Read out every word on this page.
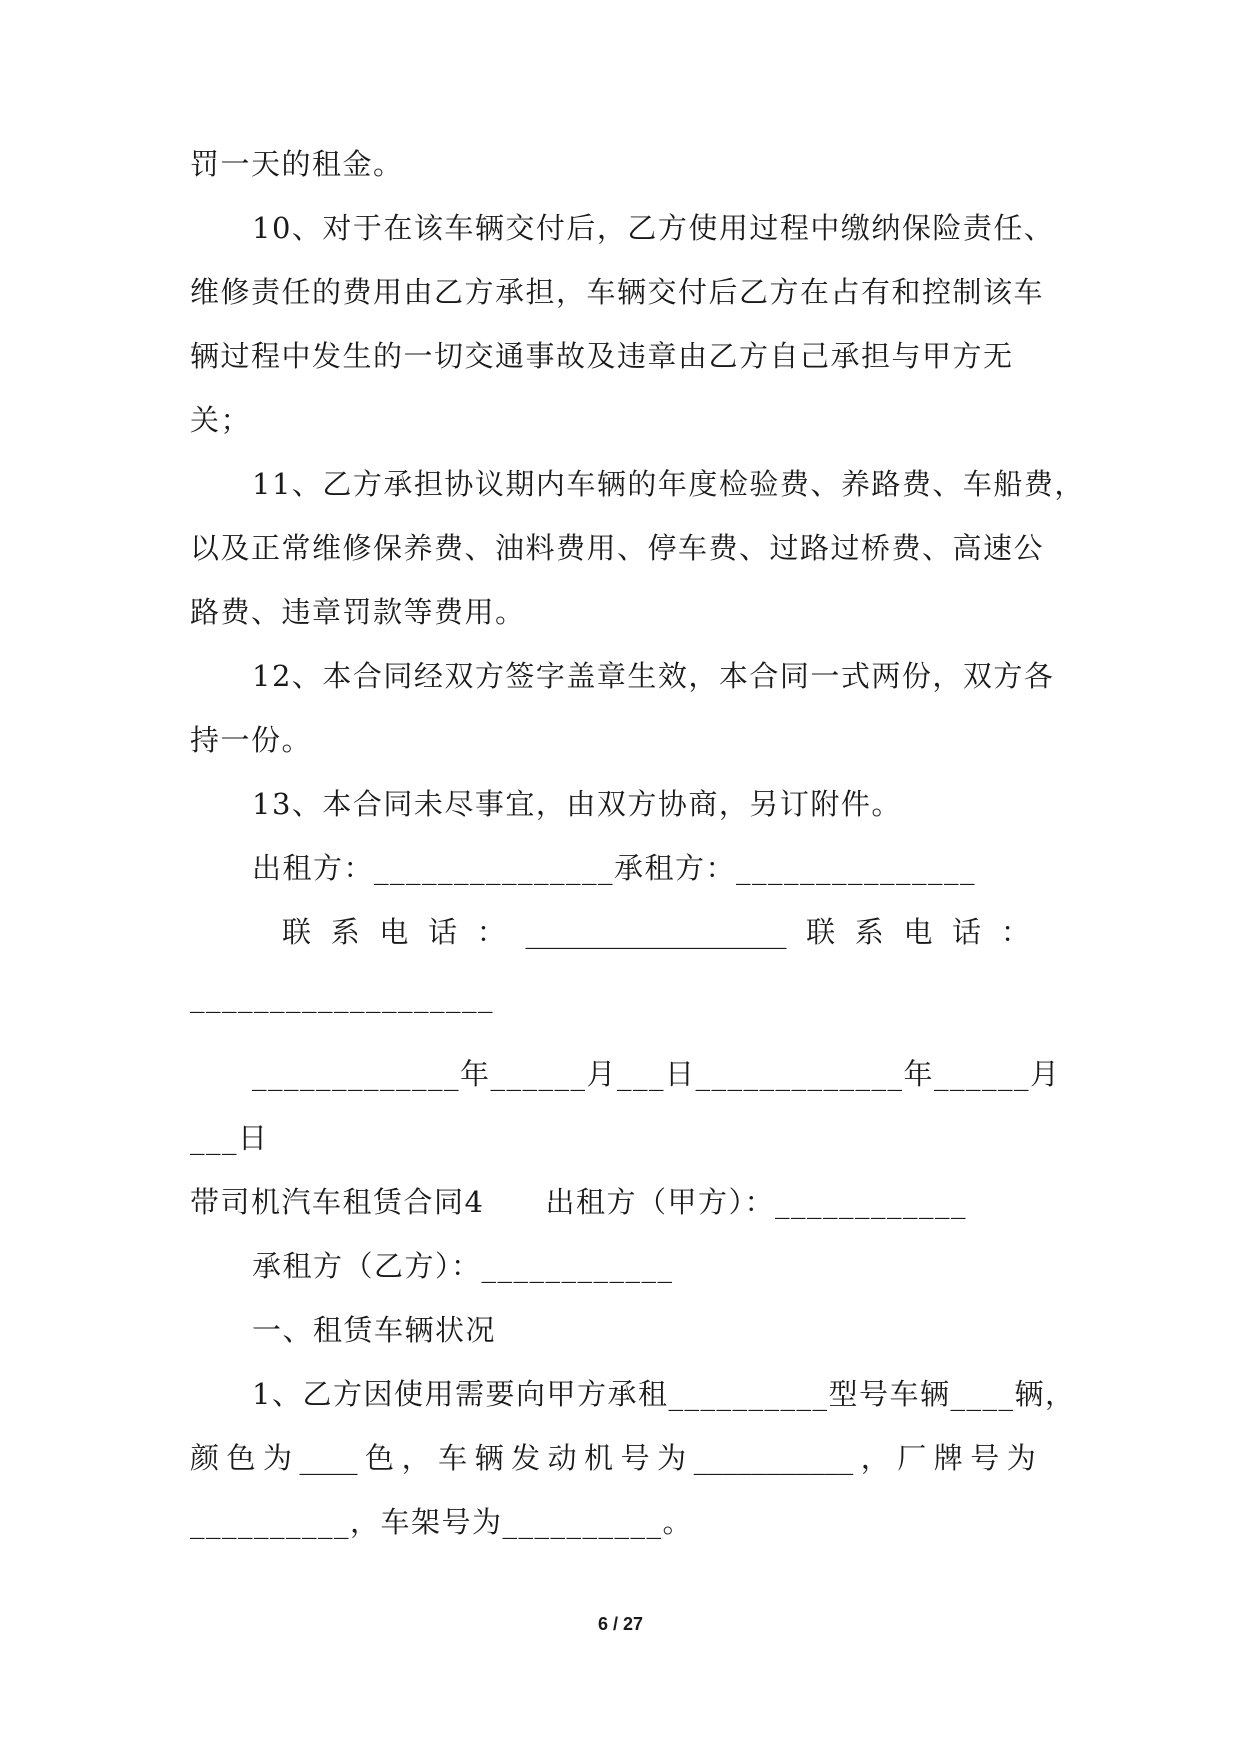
罚一天的租金。
10、对于在该车辆交付后，乙方使用过程中缴纳保险责任、
维修责任的费用由乙方承担，车辆交付后乙方在占有和控制该车
辆过程中发生的一切交通事故及违章由乙方自己承担与甲方无
关；
11、乙方承担协议期内车辆的年度检验费、养路费、车船费，
以及正常维修保养费、油料费用、停车费、过路过桥费、高速公
路费、违章罚款等费用。
12、本合同经双方签字盖章生效，本合同一式两份，双方各
持一份。
13、本合同未尽事宜，由双方协商，另订附件。
出租方：_______________承租方：_______________
联 系 电 话 ： __________________ 联 系 电 话 ：
___________________
_____________年______月___日_____________年______月
___日
带司机汽车租赁合同4　　出租方（甲方）：____________
承租方（乙方）：____________
一、租赁车辆状况
1、乙方因使用需要向甲方承租__________型号车辆____辆，
颜 色 为 ____ 色 ， 车 辆 发 动 机 号 为 ___________ ， 厂 牌 号 为
__________，车架号为__________。
6 / 27
